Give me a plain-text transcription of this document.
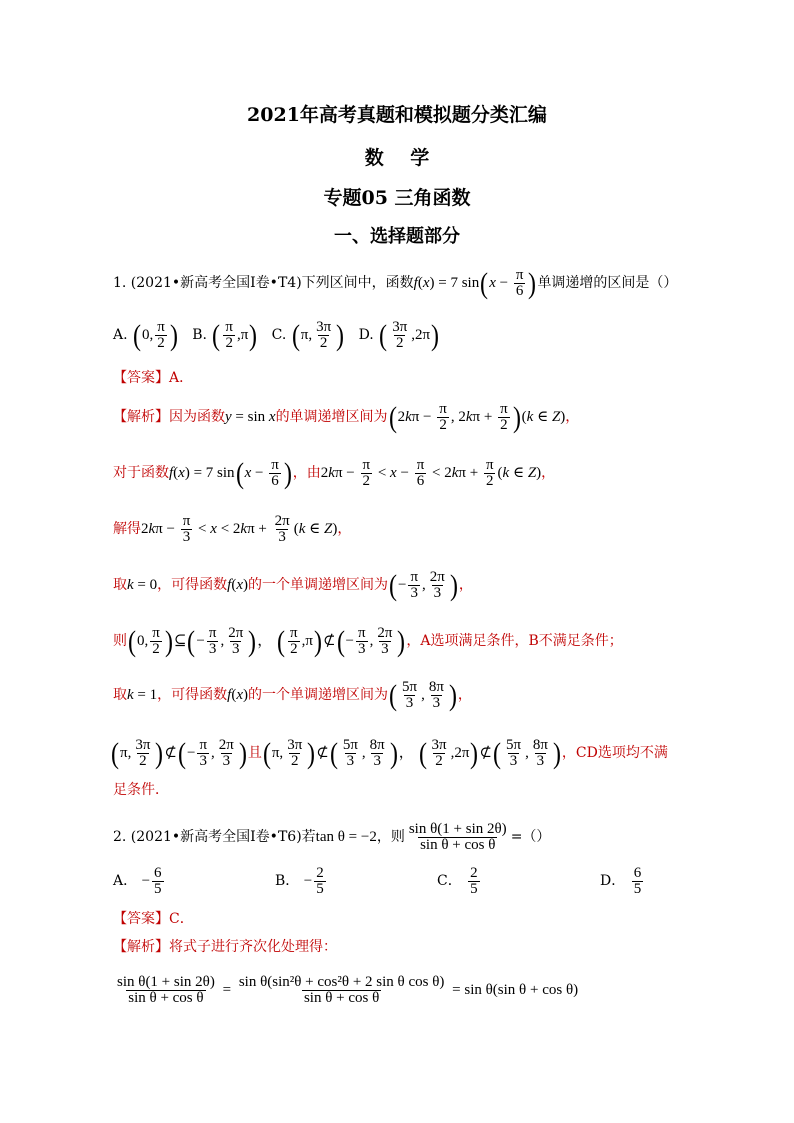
2021年高考真题和模拟题分类汇编
数    学
专题05 三角函数
一、选择题部分
1. (2021•新高考全国Ⅰ卷•T4)下列区间中，函数f(x) = 7 $\sin(x - \frac{\pi}{6}$ )单调递增的区间是（）
A. (0, $\frac{\pi}{2}$ ) B. ( $\frac{\pi}{2} ,\pi$) C. (π, $\frac{3\pi}{2}$ ) D. ( $\frac{3\pi}{2} ,2\pi$)
【答案】A．
【解析】因为函数y = sin x的单调递增区间为($2k\pi - \frac{\pi}{2}$ , $2k\pi + \frac{\pi}{2} )(k$ ∈ Z)，
对于函数f(x) = 7 $\sin(x - \frac{\pi}{6}$ )，由$2k\pi - \frac{\pi}{2} < x - \frac{\pi}{6} < 2k\pi + \frac{\pi}{2} (k$ ∈ Z)，
解得$2k\pi - \frac{\pi}{3} < x < 2k\pi + \frac{2\pi}{3} (k$ ∈ Z)，
取k = 0，可得函数f(x)的一个单调递增区间为(− $\frac{\pi}{3}$ , $\frac{2\pi}{3}$ )，
则(0, $\frac{\pi}{2}$ )⊆(− $\frac{\pi}{3}$ , $\frac{2\pi}{3}$ )， ( $\frac{\pi}{2}$ ,π)⊄(− $\frac{\pi}{3}$ , $\frac{2\pi}{3}$ )，A选项满足条件，B不满足条件；
取k = 1，可得函数f(x)的一个单调递增区间为( $\frac{5\pi}{3}$ , $\frac{8\pi}{3}$ )，
(π, $\frac{3\pi}{2}$ )⊄(− $\frac{\pi}{3}$ , $\frac{2\pi}{3}$ )且(π, $\frac{3\pi}{2}$ )⊄( $\frac{5\pi}{3}$ , $\frac{8\pi}{3}$ )， ( $\frac{3\pi}{2}$ ,2π)⊄( $\frac{5\pi}{3}$ , $\frac{8\pi}{3}$ )，CD选项均不满
足条件．
2. (2021•新高考全国Ⅰ卷•T6)若tan θ = −2，则 $\frac{\text{sin θ(1 + sin 2θ)}}{\text{sin θ + cos θ}}$ =（）
A． − $\frac{6}{5}$	B． − $\frac{2}{5}$	C． $\frac{2}{5}$	D． $\frac{6}{5}$
【答案】C．
【解析】将式子进行齐次化处理得：
$\frac{\text{sin θ(1 + sin 2θ)}}{\text{sin θ + cos θ}} = \frac{\text{sin θ(sin²θ + cos²θ + 2 sin θ cos θ)}}{\text{sin θ + cos θ}} = \sin \theta(\sin$ θ + cos θ)
